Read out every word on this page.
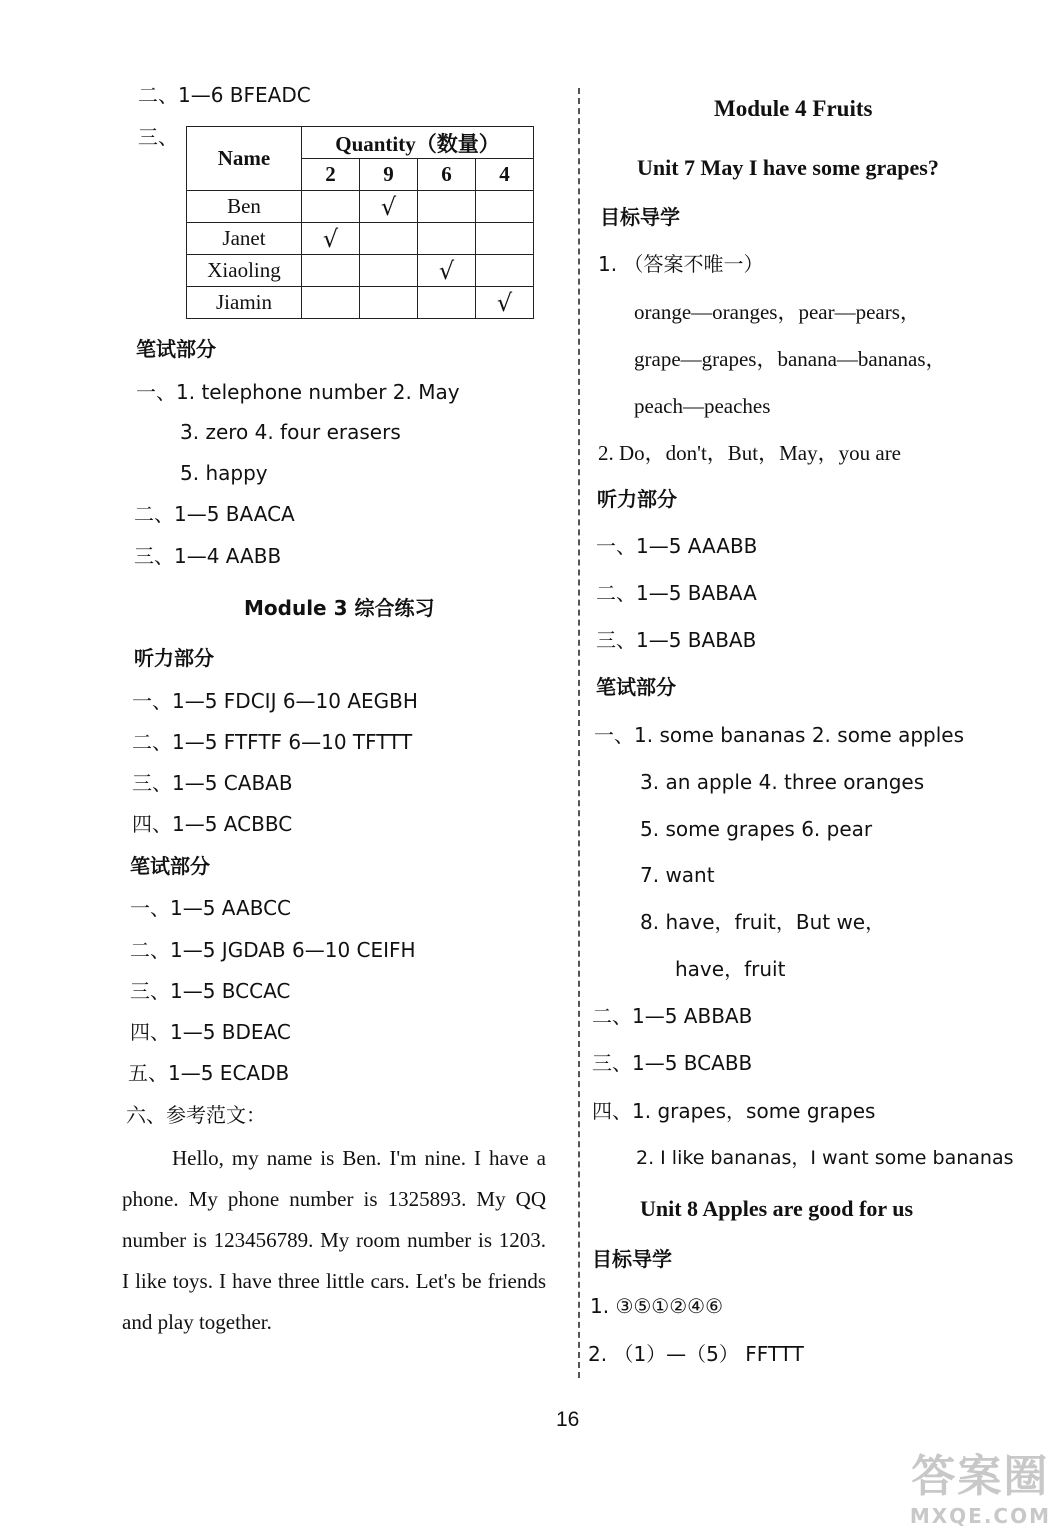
二、1—6 BFEADC
三、
Name	Quantity（数量）			
	2	9	6	4
Ben		√		
Janet	√			
Xiaoling			√	
Jiamin				√
笔试部分
一、1. telephone number 2. May
3. zero 4. four erasers
5. happy
二、1—5 BAACA
三、1—4 AABB
Module 3 综合练习
听力部分
一、1—5 FDCIJ 6—10 AEGBH
二、1—5 FTFTF 6—10 TFTTT
三、1—5 CABAB
四、1—5 ACBBC
笔试部分
一、1—5 AABCC
二、1—5 JGDAB 6—10 CEIFH
三、1—5 BCCAC
四、1—5 BDEAC
五、1—5 ECADB
六、参考范文：
Hello, my name is Ben. I'm nine. I have a phone. My phone number is 1325893. My QQ number is 123456789. My room number is 1203. I like toys. I have three little cars. Let's be friends and play together.
Module 4 Fruits
Unit 7 May I have some grapes?
目标导学
1. （答案不唯一）
orange—oranges，pear—pears，
grape—grapes，banana—bananas，
peach—peaches
2. Do，don't，But，May，you are
听力部分
一、1—5 AAABB
二、1—5 BABAA
三、1—5 BABAB
笔试部分
一、1. some bananas 2. some apples
3. an apple 4. three oranges
5. some grapes 6. pear
7. want
8. have，fruit，But we，
have，fruit
二、1—5 ABBAB
三、1—5 BCABB
四、1. grapes，some grapes
2. I like bananas，I want some bananas
Unit 8 Apples are good for us
目标导学
1. ③⑤①②④⑥
2. （1）—（5） FFTTT
16
答案圈
MXQE.COM
